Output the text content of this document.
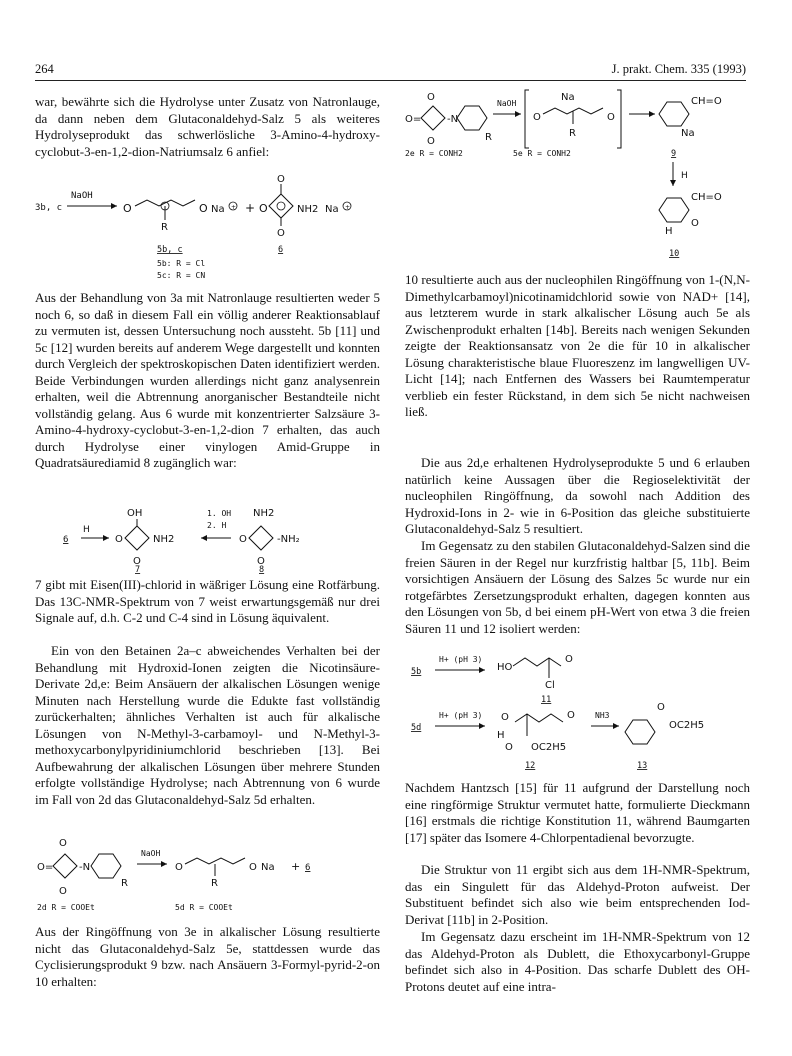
264	J. prakt. Chem. 335 (1993)

war, bewährte sich die Hydrolyse unter Zusatz von Natronlauge, da dann neben dem Glutaconaldehyd-Salz 5 als weiteres Hydrolyseprodukt das schwerlösliche 3-Amino-4-hydroxy-cyclobut-3-en-1,2-dion-Natriumsalz 6 anfiel:

3b, c
NaOH
O
R
O Na + + O
O
O
NH2 Na +
5b, c	6
5b: R = Cl
5c: R = CN

Aus der Behandlung von 3a mit Natronlauge resultierten weder 5 noch 6, so daß in diesem Fall ein völlig anderer Reaktionsablauf zu vermuten ist, dessen Untersuchung noch aussteht. 5b [11] und 5c [12] wurden bereits auf anderem Wege dargestellt und konnten durch Vergleich der spektroskopischen Daten identifiziert werden. Beide Verbindungen wurden allerdings nicht ganz analysenrein erhalten, weil die Abtrennung anorganischer Bestandteile nicht vollständig gelang. Aus 6 wurde mit konzentrierter Salzsäure 3-Amino-4-hydroxy-cyclobut-3-en-1,2-dion 7 erhalten, das auch durch Hydrolyse einer vinylogen Amid-Gruppe in Quadratsäurediamid 8 zugänglich war:

6
H
O
OH
NH2
O
1. OH
2. H
O
NH2
-NH₂
O
7	8

7 gibt mit Eisen(III)-chlorid in wäßriger Lösung eine Rotfärbung. Das 13C-NMR-Spektrum von 7 weist erwartungsgemäß nur drei Signale auf, d.h. C-2 und C-4 sind in Lösung äquivalent.

Ein von den Betainen 2a–c abweichendes Verhalten bei der Behandlung mit Hydroxid-Ionen zeigten die Nicotinsäure-Derivate 2d,e: Beim Ansäuern der alkalischen Lösungen wenige Minuten nach Herstellung wurde die Edukte fast vollständig zurückerhalten; ähnliches Verhalten ist auch für alkalische Lösungen von N-Methyl-3-carbamoyl- und N-Methyl-3-methoxycarbonylpyridiniumchlorid beschrieben [13]. Bei Aufbewahrung der alkalischen Lösungen über mehrere Stunden erfolgte vollständige Hydrolyse; nach Abtrennung von 6 wurde im Fall von 2d das Glutaconaldehyd-Salz 5d erhalten.

O=
O
O
-N
R
NaOH
O
R
O Na + 6
2d R = COOEt	5d R = COOEt

Aus der Ringöffnung von 3e in alkalischer Lösung resultierte nicht das Glutaconaldehyd-Salz 5e, stattdessen wurde das Cyclisierungsprodukt 9 bzw. nach Ansäuern 3-Formyl-pyrid-2-on 10 erhalten:

O=
O
O
-N
R
NaOH
O
R
O
Na	CH=O
Na
2e R = CONH2	5e R = CONH2	9
H
CH=O
O
H
10

10 resultierte auch aus der nucleophilen Ringöffnung von 1-(N,N-Dimethylcarbamoyl)nicotinamidchlorid sowie von NAD+ [14], aus letzterem wurde in stark alkalischer Lösung auch 5e als Zwischenprodukt erhalten [14b]. Bereits nach wenigen Sekunden zeigte der Reaktionsansatz von 2e die für 10 in alkalischer Lösung charakteristische blaue Fluoreszenz im langwelligen UV-Licht [14]; nach Entfernen des Wassers bei Raumtemperatur verblieb ein fester Rückstand, in dem sich 5e nicht nachweisen ließ.

Die aus 2d,e erhaltenen Hydrolyseprodukte 5 und 6 erlauben natürlich keine Aussagen über die Regioselektivität der nucleophilen Ringöffnung, da sowohl nach Addition des Hydroxid-Ions in 2- wie in 6-Position das gleiche substituierte Glutaconaldehyd-Salz 5 resultiert.

Im Gegensatz zu den stabilen Glutaconaldehyd-Salzen sind die freien Säuren in der Regel nur kurzfristig haltbar [5, 11b]. Beim vorsichtigen Ansäuern der Lösung des Salzes 5c wurde nur ein rotgefärbtes Zersetzungsprodukt erhalten, dagegen konnten aus den Lösungen von 5b, d bei einem pH-Wert von etwa 3 die freien Säuren 11 und 12 isoliert werden:

5b
H+ (pH 3)
HO
Cl
O
11
5d
H+ (pH 3) O
H
O OC2H5
O	NH3
O
OC2H5
12	13

Nachdem Hantzsch [15] für 11 aufgrund der Darstellung noch eine ringförmige Struktur vermutet hatte, formulierte Dieckmann [16] erstmals die richtige Konstitution 11, während Baumgarten [17] später das Isomere 4-Chlorpentadienal bevorzugte.

Die Struktur von 11 ergibt sich aus dem 1H-NMR-Spektrum, das ein Singulett für das Aldehyd-Proton aufweist. Der Substituent befindet sich also wie beim entsprechenden Iod-Derivat [11b] in 2-Position.

Im Gegensatz dazu erscheint im 1H-NMR-Spektrum von 12 das Aldehyd-Proton als Dublett, die Ethoxycarbonyl-Gruppe befindet sich also in 4-Position. Das scharfe Dublett des OH-Protons deutet auf eine intra-
